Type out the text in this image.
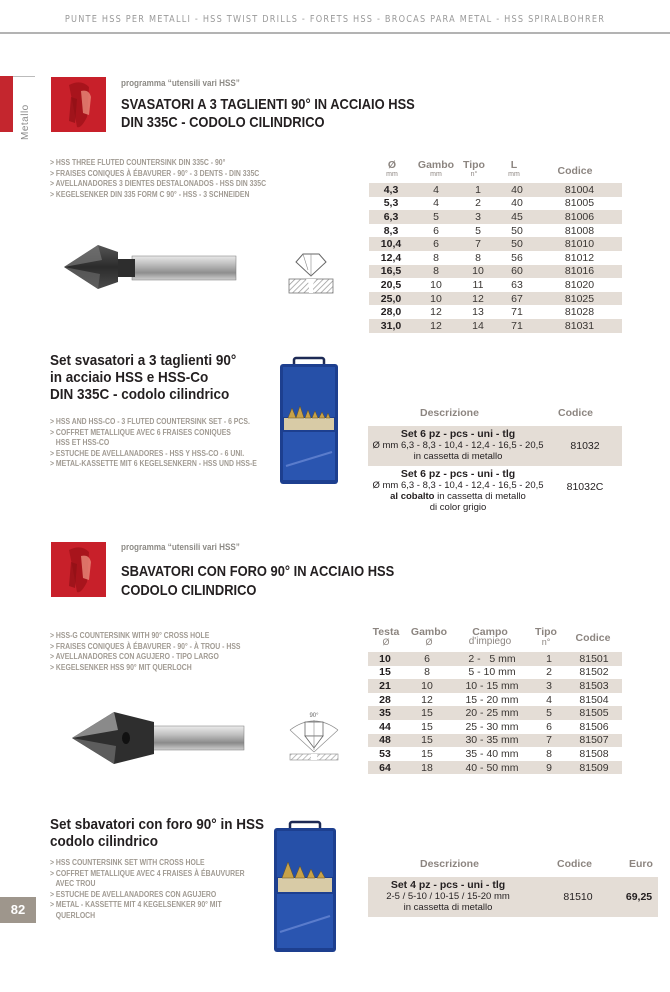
PUNTE HSS PER METALLI - HSS TWIST DRILLS - FORETS HSS - BROCAS PARA METAL - HSS SPIRALBOHRER
Metallo
programma “utensili vari HSS”
SVASATORI A 3 TAGLIENTI 90° IN ACCIAIO HSS
DIN 335C - CODOLO CILINDRICO
> HSS THREE FLUTED COUNTERSINK DIN 335C - 90°
> FRAISES CONIQUES À ÉBAVURER - 90° - 3 DENTS - DIN 335C
> AVELLANADORES 3 DIENTES DESTALONADOS - HSS DIN 335C
> KEGELSENKER DIN 335 FORM C 90° - HSS - 3 SCHNEIDEN
Ø
mm
Gambo
mm
Tipo
n°
L
mm	Codice
4,3	4	1	40	81004
5,3	4	2	40	81005
6,3	5	3	45	81006
8,3	6	5	50	81008
10,4	6	7	50	81010
12,4	8	8	56	81012
16,5	8	10	60	81016
20,5	10	11	63	81020
25,0	10	12	67	81025
28,0	12	13	71	81028
31,0	12	14	71	81031
Set svasatori a 3 taglienti 90°
in acciaio HSS e HSS-Co
DIN 335C - codolo cilindrico
> HSS AND HSS-CO - 3 FLUTED COUNTERSINK SET - 6 PCS.
> COFFRET METALLIQUE AVEC 6 FRAISES CONIQUES
HSS ET HSS-CO
> ESTUCHE DE AVELLANADORES - HSS Y HSS-CO - 6 UNI.
> METAL-KASSETTE MIT 6 KEGELSENKERN - HSS UND HSS-E
Descrizione	Codice
Set 6 pz - pcs - uni - tlg
Ø mm 6,3 - 8,3 - 10,4 - 12,4 - 16,5 - 20,5
in cassetta di metallo
81032
Set 6 pz - pcs - uni - tlg
Ø mm 6,3 - 8,3 - 10,4 - 12,4 - 16,5 - 20,5
al cobalto in cassetta di metallo
di color grigio
81032C
programma “utensili vari HSS”
SBAVATORI CON FORO 90° IN ACCIAIO HSS
CODOLO CILINDRICO
> HSS-G COUNTERSINK WITH 90° CROSS HOLE
> FRAISES CONIQUES À ÉBAVURER - 90° - À TROU - HSS
> AVELLANADORES CON AGUJERO - TIPO LARGO
> KEGELSENKER HSS 90° MIT QUERLOCH
90°
Testa
Ø
Gambo
Ø
Campo
d'impiego
Tipo
n°	Codice
10	6	2 -   5 mm	1	81501
15	8	5 - 10 mm	2	81502
21	10	10 - 15 mm	3	81503
28	12	15 - 20 mm	4	81504
35	15	20 - 25 mm	5	81505
44	15	25 - 30 mm	6	81506
48	15	30 - 35 mm	7	81507
53	15	35 - 40 mm	8	81508
64	18	40 - 50 mm	9	81509
Set sbavatori con foro 90° in HSS
codolo cilindrico
> HSS COUNTERSINK SET WITH CROSS HOLE
> COFFRET METALLIQUE AVEC 4 FRAISES À ÉBAUVURER
AVEC TROU
> ESTUCHE DE AVELLANADORES CON AGUJERO
> METAL - KASSETTE MIT 4 KEGELSENKER 90° MIT
QUERLOCH
Descrizione	Codice	Euro
Set 4 pz - pcs - uni - tlg
2-5 / 5-10 / 10-15 / 15-20 mm
in cassetta di metallo
81510	69,25
82
